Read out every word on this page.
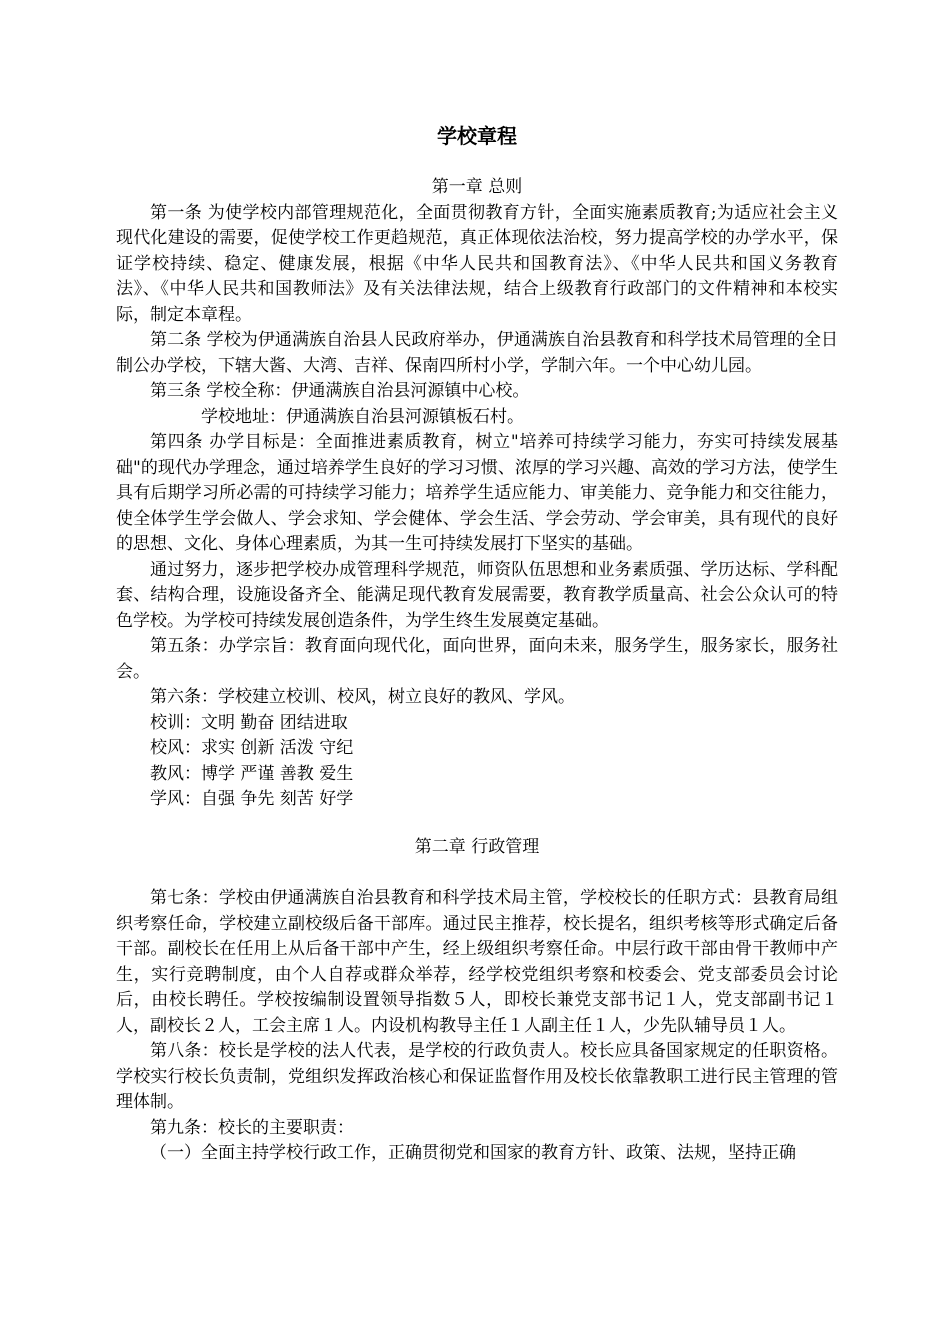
学校章程
第一章 总则

第一条 为使学校内部管理规范化，全面贯彻教育方针，全面实施素质教育;为适应社会主义现代化建设的需要，促使学校工作更趋规范，真正体现依法治校，努力提高学校的办学水平，保证学校持续、稳定、健康发展，根据《中华人民共和国教育法》、《中华人民共和国义务教育法》、《中华人民共和国教师法》及有关法律法规，结合上级教育行政部门的文件精神和本校实际，制定本章程。

第二条 学校为伊通满族自治县人民政府举办，伊通满族自治县教育和科学技术局管理的全日制公办学校，下辖大酱、大湾、吉祥、保南四所村小学，学制六年。一个中心幼儿园。

第三条 学校全称：伊通满族自治县河源镇中心校。

学校地址：伊通满族自治县河源镇板石村。

第四条 办学目标是：全面推进素质教育，树立"培养可持续学习能力，夯实可持续发展基础"的现代办学理念，通过培养学生良好的学习习惯、浓厚的学习兴趣、高效的学习方法，使学生具有后期学习所必需的可持续学习能力；培养学生适应能力、审美能力、竞争能力和交往能力，使全体学生学会做人、学会求知、学会健体、学会生活、学会劳动、学会审美，具有现代的良好的思想、文化、身体心理素质，为其一生可持续发展打下坚实的基础。

通过努力，逐步把学校办成管理科学规范，师资队伍思想和业务素质强、学历达标、学科配套、结构合理，设施设备齐全、能满足现代教育发展需要，教育教学质量高、社会公众认可的特色学校。为学校可持续发展创造条件，为学生终生发展奠定基础。

第五条：办学宗旨：教育面向现代化，面向世界，面向未来，服务学生，服务家长，服务社会。

第六条：学校建立校训、校风，树立良好的教风、学风。

校训：文明 勤奋 团结进取

校风：求实 创新 活泼 守纪

教风：博学 严谨 善教 爱生

学风：自强 争先 刻苦 好学

第二章 行政管理

第七条：学校由伊通满族自治县教育和科学技术局主管，学校校长的任职方式：县教育局组织考察任命，学校建立副校级后备干部库。通过民主推荐，校长提名，组织考核等形式确定后备干部。副校长在任用上从后备干部中产生，经上级组织考察任命。中层行政干部由骨干教师中产生，实行竞聘制度，由个人自荐或群众举荐，经学校党组织考察和校委会、党支部委员会讨论后，由校长聘任。学校按编制设置领导指数５人，即校长兼党支部书记１人，党支部副书记１人，副校长２人，工会主席１人。内设机构教导主任１人副主任１人，少先队辅导员１人。

第八条：校长是学校的法人代表，是学校的行政负责人。校长应具备国家规定的任职资格。学校实行校长负责制，党组织发挥政治核心和保证监督作用及校长依靠教职工进行民主管理的管理体制。

第九条：校长的主要职责：

（一）全面主持学校行政工作，正确贯彻党和国家的教育方针、政策、法规，坚持正确
